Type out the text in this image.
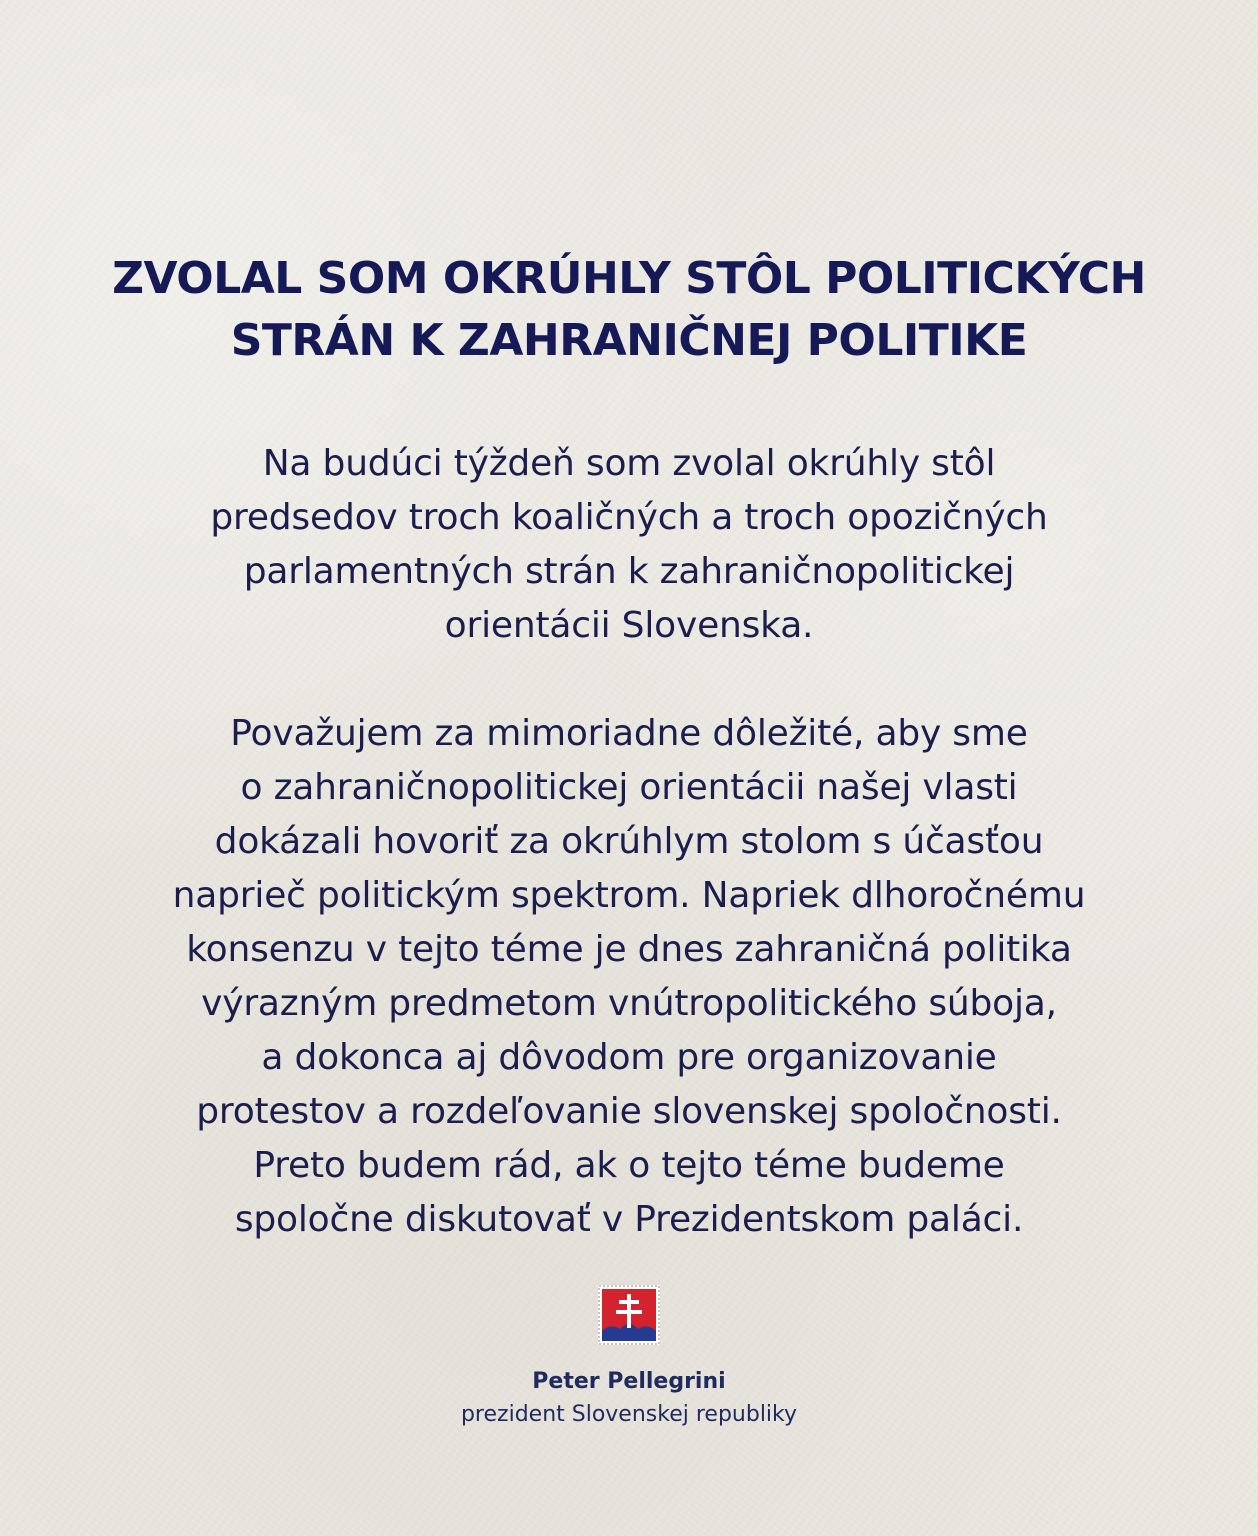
ZVOLAL SOM OKRÚHLY STÔL POLITICKÝCH
STRÁN K ZAHRANIČNEJ POLITIKE

Na budúci týždeň som zvolal okrúhly stôl
predsedov troch koaličných a troch opozičných
parlamentných strán k zahraničnopolitickej
orientácii Slovenska.

Považujem za mimoriadne dôležité, aby sme
o zahraničnopolitickej orientácii našej vlasti
dokázali hovoriť za okrúhlym stolom s účasťou
naprieč politickým spektrom. Napriek dlhoročnému
konsenzu v tejto téme je dnes zahraničná politika
výrazným predmetom vnútropolitického súboja,
a dokonca aj dôvodom pre organizovanie
protestov a rozdeľovanie slovenskej spoločnosti.
Preto budem rád, ak o tejto téme budeme
spoločne diskutovať v Prezidentskom paláci.

Peter Pellegrini
prezident Slovenskej republiky
